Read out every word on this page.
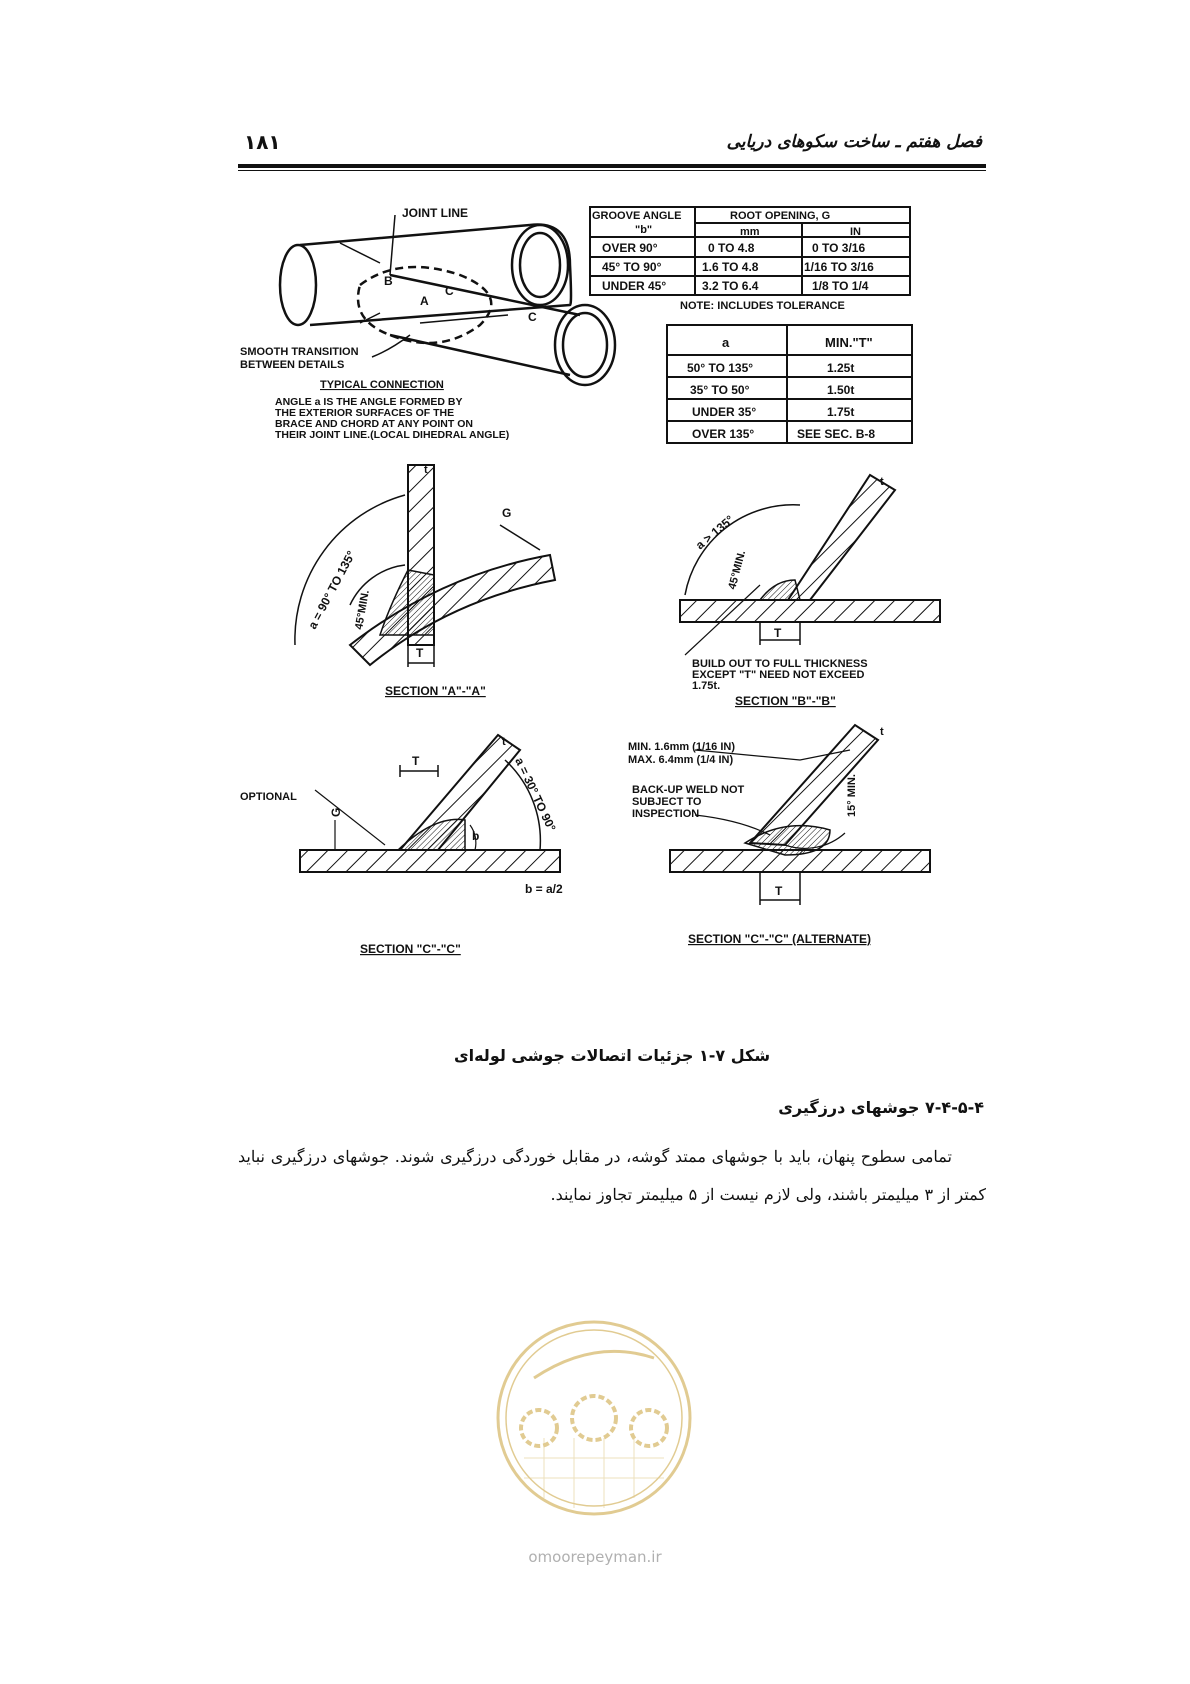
۱۸۱	فصل هفتم ـ ساخت سکوهای دریایی
JOINT LINE
B
C
A
C
SMOOTH TRANSITION
BETWEEN DETAILS
TYPICAL CONNECTION
ANGLE a IS THE ANGLE FORMED BY
THE EXTERIOR SURFACES OF THE
BRACE AND CHORD AT ANY POINT ON
THEIR JOINT LINE.(LOCAL DIHEDRAL ANGLE)
GROOVE ANGLE
"b"
ROOT OPENING, G
mm	IN
OVER 90°	0 TO 4.8	0 TO 3/16
45° TO 90°	1.6 TO 4.8	1/16 TO 3/16
UNDER 45°	3.2 TO 6.4	1/8 TO 1/4
NOTE: INCLUDES TOLERANCE
a	MIN."T"
50° TO 135°	1.25t
35° TO 50°	1.50t
UNDER 35°	1.75t
OVER 135°	SEE SEC. B-8
a = 90° TO 135°
45°MIN.
G
t
T
SECTION "A"-"A"
a > 135°
45°MIN.
t
T
BUILD OUT TO FULL THICKNESS
EXCEPT "T" NEED NOT EXCEED
1.75t.
SECTION "B"-"B"
OPTIONAL
G
T
t
a = 30° TO 90°
b
b = a/2
SECTION "C"-"C"
MIN. 1.6mm (1/16 IN)
MAX. 6.4mm (1/4 IN)
BACK-UP WELD NOT
SUBJECT TO
INSPECTION	15° MIN.
T
t
SECTION "C"-"C" (ALTERNATE)
شکل ۷-۱ جزئیات اتصالات جوشی لوله‌ای
۷-۴-۵-۴ جوشهای درزگیری

تمامی سطوح پنهان، باید با جوشهای ممتد گوشه، در مقابل خوردگی درزگیری شوند. جوشهای درزگیری نباید کمتر از ۳ میلیمتر باشند، ولی لازم نیست از ۵ میلیمتر تجاوز نمایند.

omoorepeyman.ir
